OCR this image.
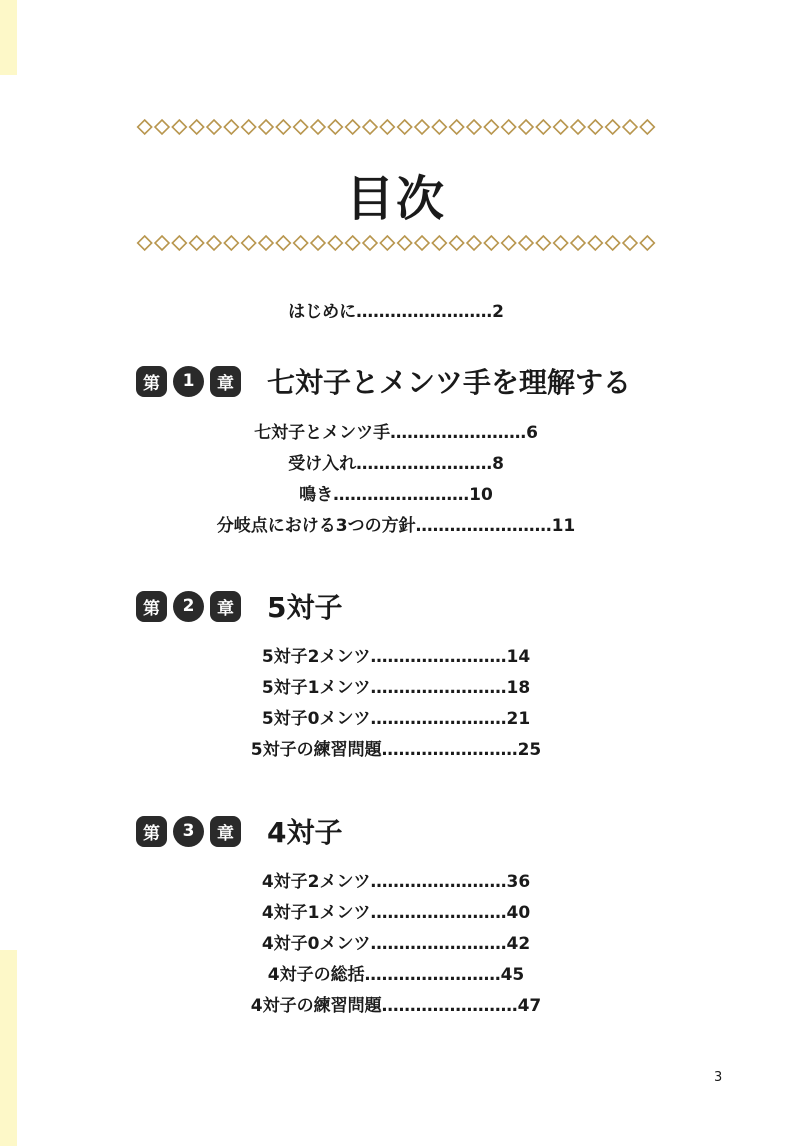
目次
はじめに……………………2
第	1	章 七対子とメンツ手を理解する
七対子とメンツ手……………………6
受け入れ……………………8
鳴き……………………10
分岐点における3つの方針……………………11
第	2	章 5対子
5対子2メンツ……………………14
5対子1メンツ……………………18
5対子0メンツ……………………21
5対子の練習問題……………………25
第	3	章 4対子
4対子2メンツ……………………36
4対子1メンツ……………………40
4対子0メンツ……………………42
4対子の総括……………………45
4対子の練習問題……………………47
3
